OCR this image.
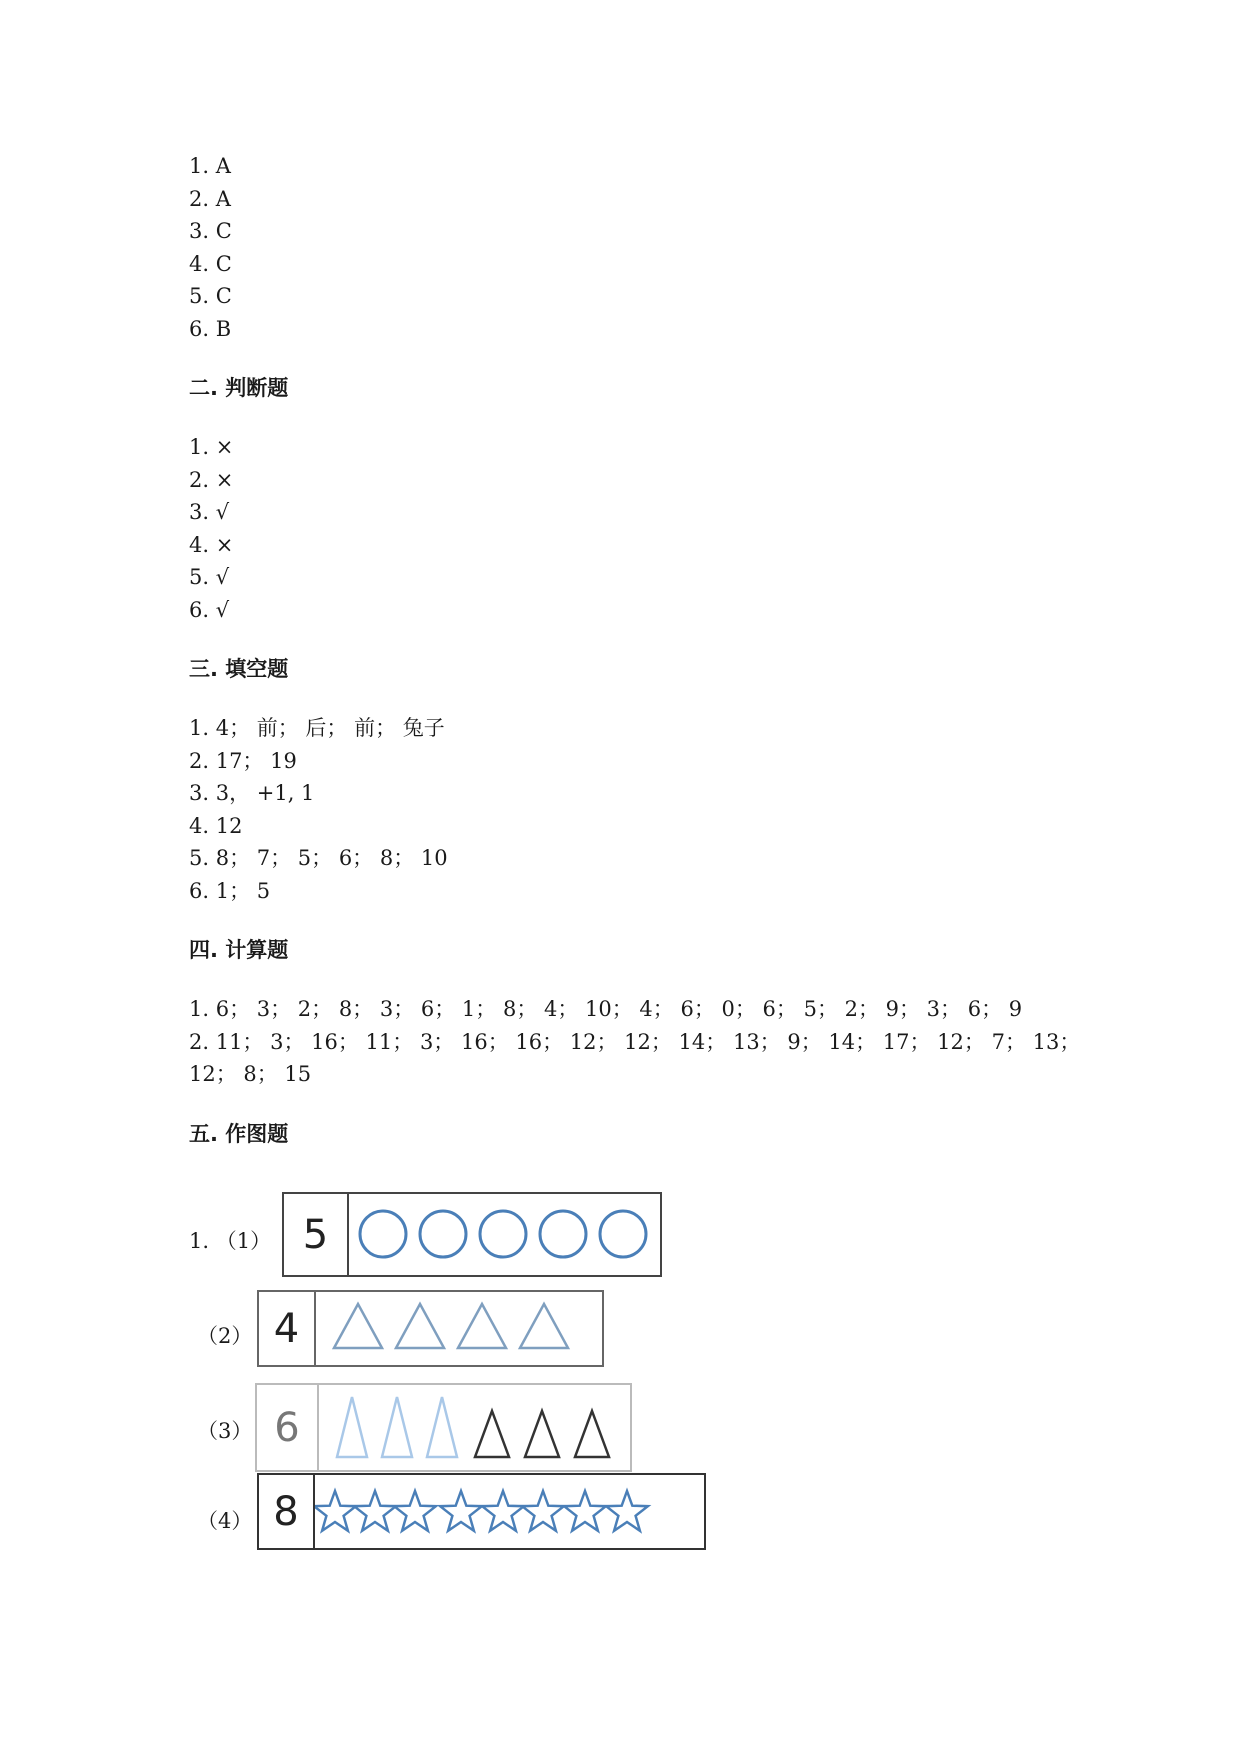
1. A
2. A
3. C
4. C
5. C
6. B
二. 判断题
1. ×
2. ×
3. √
4. ×
5. √
6. √
三. 填空题
1. 4； 前； 后； 前； 兔子
2. 17； 19
3. 3， +1, 1
4. 12
5. 8； 7； 5； 6； 8； 10
6. 1； 5
四. 计算题
1. 6； 3； 2； 8； 3； 6； 1； 8； 4； 10； 4； 6； 0； 6； 5； 2； 9； 3； 6； 9
2. 11； 3； 16； 11； 3； 16； 16； 12； 12； 14； 13； 9； 14； 17； 12； 7； 13；
12； 8； 15
五. 作图题
1. （1） 5
（2） 4
（3） 6
（4） 8
